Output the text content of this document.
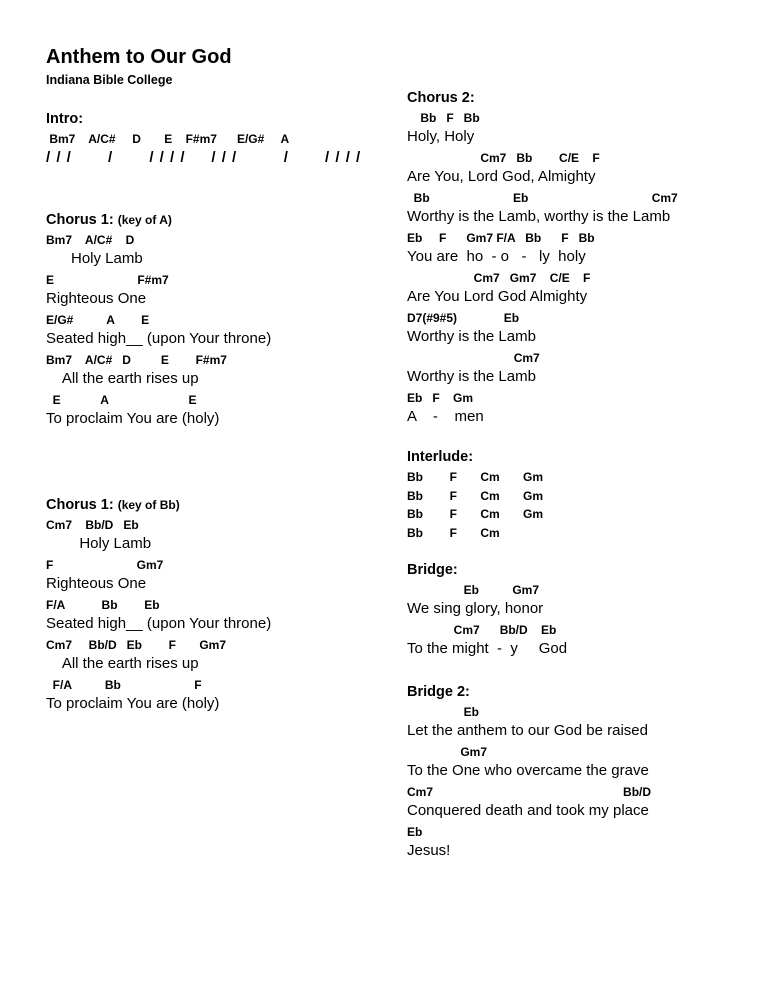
Anthem to Our God
Indiana Bible College
Intro:
Bm7    A/C#     D       E    F#m7      E/G#     A
/ / /       /       / / / /     / / /         /       / / / /
Chorus 1: (key of A)
Bm7    A/C#    D
Holy Lamb
E                         F#m7
Righteous One
E/G#          A        E
Seated high__ (upon Your throne)
Bm7    A/C#   D         E        F#m7
All the earth rises up
E            A                        E
To proclaim You are (holy)
Chorus 1: (key of Bb)
Cm7    Bb/D   Eb
Holy Lamb
F                         Gm7
Righteous One
F/A           Bb        Eb
Seated high__ (upon Your throne)
Cm7     Bb/D   Eb        F       Gm7
All the earth rises up
F/A          Bb                      F
To proclaim You are (holy)
Chorus 2:
Bb   F   Bb
Holy, Holy
Cm7   Bb        C/E    F
Are You, Lord God, Almighty
Bb                         Eb                                     Cm7
Worthy is the Lamb, worthy is the Lamb
Eb     F      Gm7 F/A   Bb      F   Bb
You are  ho  - o   -   ly  holy
Cm7   Gm7    C/E    F
Are You Lord God Almighty
D7(#9#5)              Eb
Worthy is the Lamb
Cm7
Worthy is the Lamb
Eb   F    Gm
A    -    men
Interlude:
Bb        F       Cm       Gm
Bb        F       Cm       Gm
Bb        F       Cm       Gm
Bb        F       Cm
Bridge:
Eb          Gm7
We sing glory, honor
Cm7      Bb/D    Eb
To the might  -  y     God
Bridge 2:
Eb
Let the anthem to our God be raised
Gm7
To the One who overcame the grave
Cm7                                                         Bb/D
Conquered death and took my place
Eb
Jesus!
